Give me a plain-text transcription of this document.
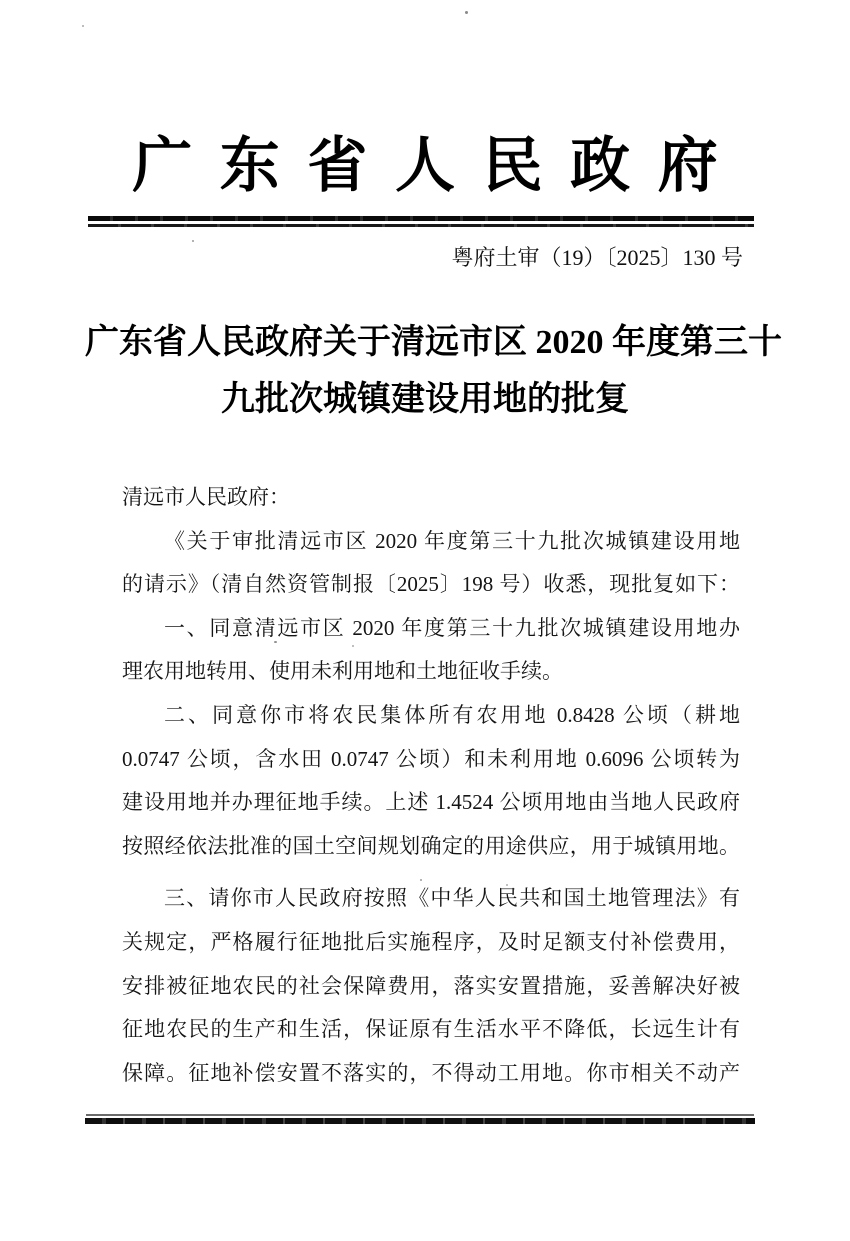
广东省人民政府
粤府土审（19）〔2025〕130 号
广东省人民政府关于清远市区 2020 年度第三十
九批次城镇建设用地的批复
清远市人民政府：
《关于审批清远市区 2020 年度第三十九批次城镇建设用地
的请示》（清自然资管制报〔2025〕198 号）收悉，现批复如下：
一、同意清远市区 2020 年度第三十九批次城镇建设用地办
理农用地转用、使用未利用地和土地征收手续。
二、同意你市将农民集体所有农用地 0.8428 公顷（耕地
0.0747 公顷，含水田 0.0747 公顷）和未利用地 0.6096 公顷转为
建设用地并办理征地手续。上述 1.4524 公顷用地由当地人民政府
按照经依法批准的国土空间规划确定的用途供应，用于城镇用地。
三、请你市人民政府按照《中华人民共和国土地管理法》有
关规定，严格履行征地批后实施程序，及时足额支付补偿费用，
安排被征地农民的社会保障费用，落实安置措施，妥善解决好被
征地农民的生产和生活，保证原有生活水平不降低，长远生计有
保障。征地补偿安置不落实的，不得动工用地。你市相关不动产
